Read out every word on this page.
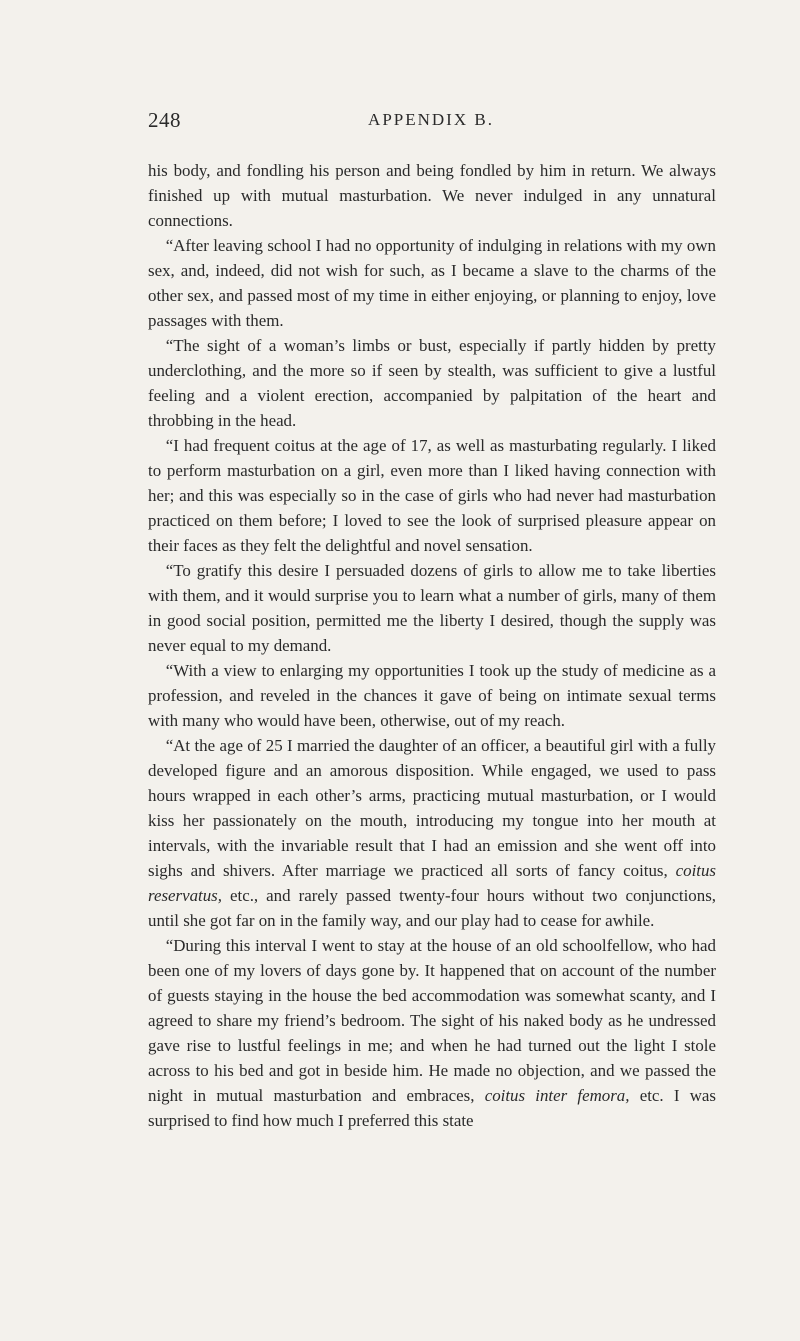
248	APPENDIX B.

his body, and fondling his person and being fondled by him in return. We always finished up with mutual masturbation. We never indulged in any unnatural connections.

“After leaving school I had no opportunity of indulging in relations with my own sex, and, indeed, did not wish for such, as I became a slave to the charms of the other sex, and passed most of my time in either enjoying, or planning to enjoy, love passages with them.

“The sight of a woman’s limbs or bust, especially if partly hidden by pretty underclothing, and the more so if seen by stealth, was sufficient to give a lustful feeling and a violent erection, accompanied by palpitation of the heart and throbbing in the head.

“I had frequent coitus at the age of 17, as well as masturbating regularly. I liked to perform masturbation on a girl, even more than I liked having connection with her; and this was especially so in the case of girls who had never had masturbation practiced on them before; I loved to see the look of surprised pleasure appear on their faces as they felt the delightful and novel sensation.

“To gratify this desire I persuaded dozens of girls to allow me to take liberties with them, and it would surprise you to learn what a number of girls, many of them in good social position, permitted me the liberty I desired, though the supply was never equal to my demand.

“With a view to enlarging my opportunities I took up the study of medicine as a profession, and reveled in the chances it gave of being on intimate sexual terms with many who would have been, otherwise, out of my reach.

“At the age of 25 I married the daughter of an officer, a beautiful girl with a fully developed figure and an amorous disposition. While engaged, we used to pass hours wrapped in each other’s arms, practicing mutual masturbation, or I would kiss her passionately on the mouth, introducing my tongue into her mouth at intervals, with the invariable result that I had an emission and she went off into sighs and shivers. After marriage we practiced all sorts of fancy coitus, coitus reservatus, etc., and rarely passed twenty-four hours without two conjunctions, until she got far on in the family way, and our play had to cease for awhile.

“During this interval I went to stay at the house of an old schoolfellow, who had been one of my lovers of days gone by. It happened that on account of the number of guests staying in the house the bed accommodation was somewhat scanty, and I agreed to share my friend’s bedroom. The sight of his naked body as he undressed gave rise to lustful feelings in me; and when he had turned out the light I stole across to his bed and got in beside him. He made no objection, and we passed the night in mutual masturbation and embraces, coitus inter femora, etc. I was surprised to find how much I preferred this state
